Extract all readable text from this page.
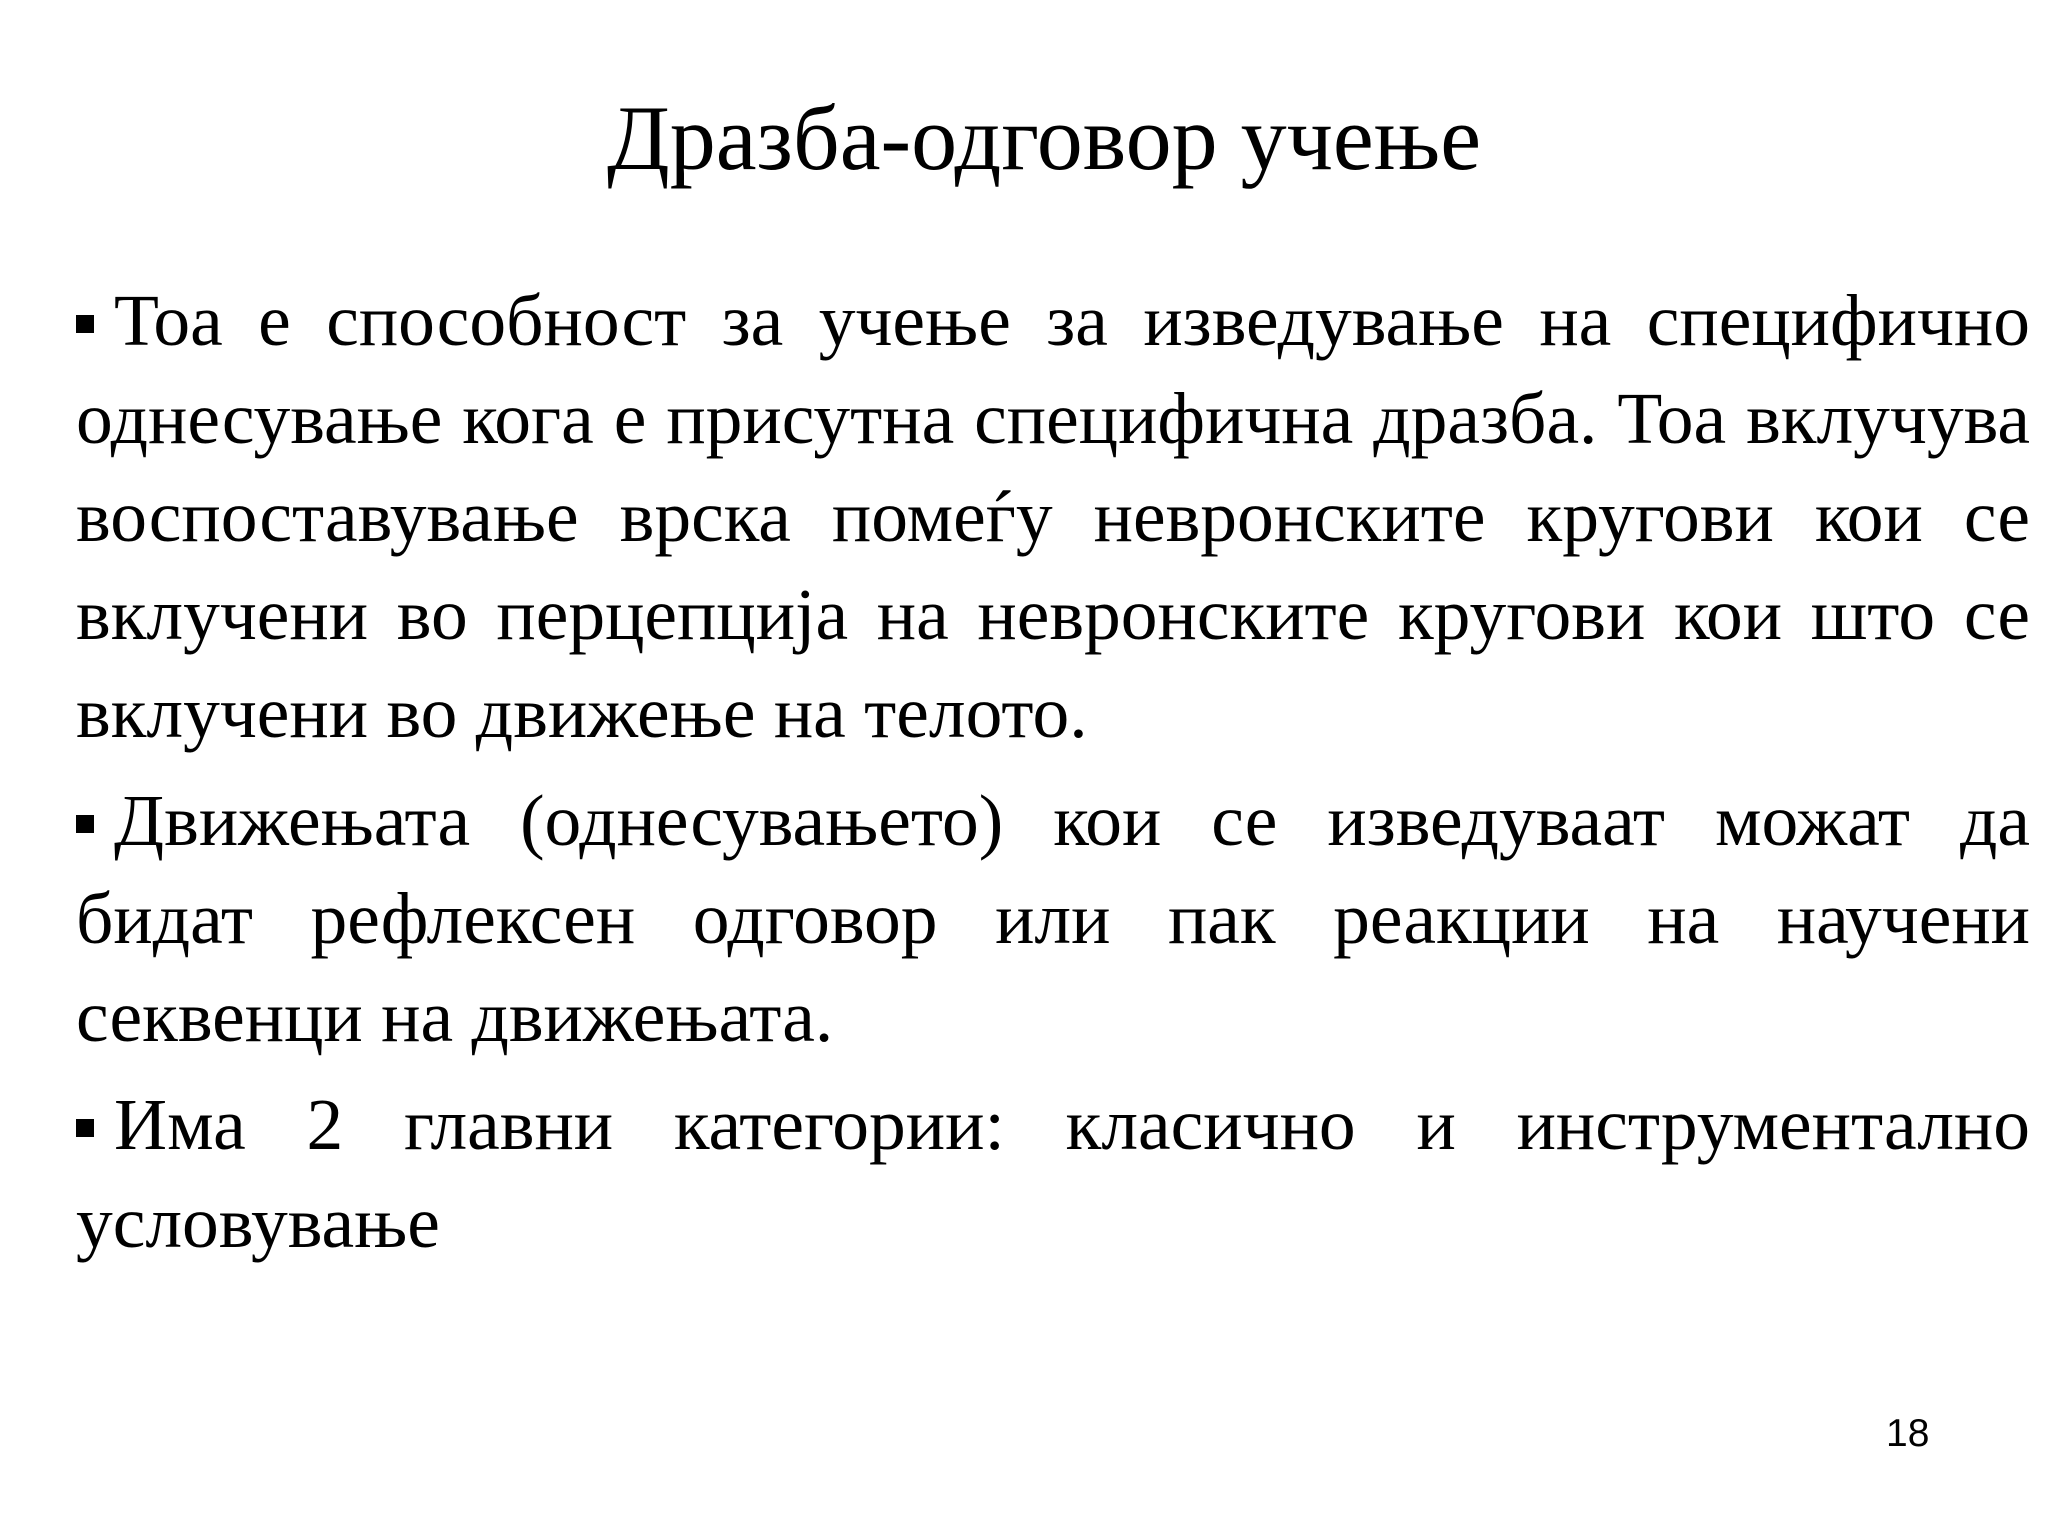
Дразба-одговор учење
Тоа е способност за учење за изведување на специфично однесување кога е присутна специфична дразба. Тоа вклучува воспоставување врска помеѓу невронските кругови кои се вклучени во перцепција на невронските кругови кои што се вклучени во движење на телото.
Движењата (однесувањето) кои се изведуваат можат да бидат рефлексен одговор или пак реакции на научени секвенци на движењата.
Има 2 главни категории: класично и инструментално условување
18
